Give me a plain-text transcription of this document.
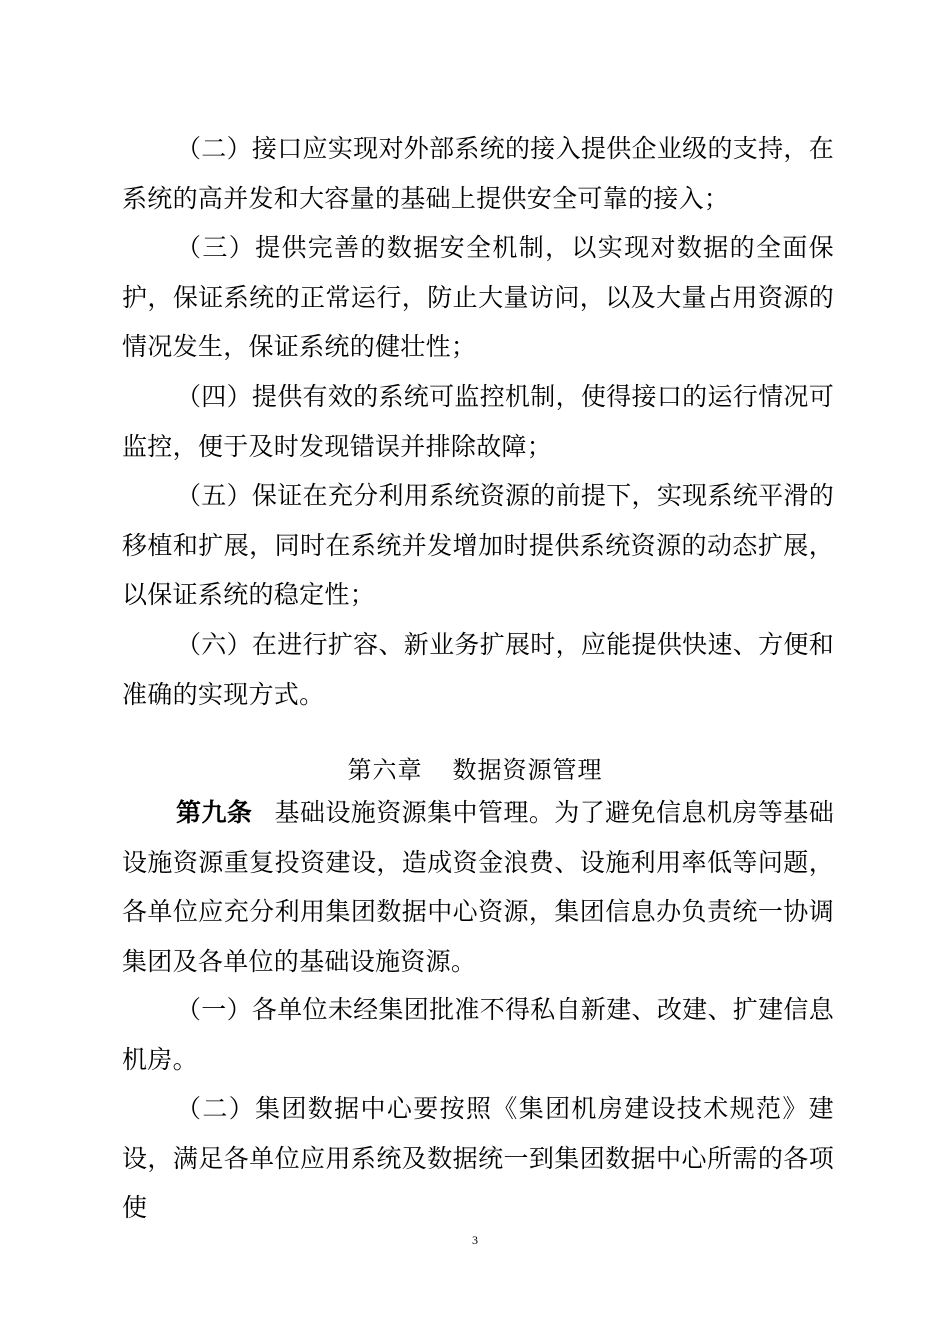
（二）接口应实现对外部系统的接入提供企业级的支持，在系统的高并发和大容量的基础上提供安全可靠的接入；

（三）提供完善的数据安全机制，以实现对数据的全面保护，保证系统的正常运行，防止大量访问，以及大量占用资源的情况发生，保证系统的健壮性；

（四）提供有效的系统可监控机制，使得接口的运行情况可监控，便于及时发现错误并排除故障；

（五）保证在充分利用系统资源的前提下，实现系统平滑的移植和扩展，同时在系统并发增加时提供系统资源的动态扩展，以保证系统的稳定性；

（六）在进行扩容、新业务扩展时，应能提供快速、方便和准确的实现方式。

第六章 数据资源管理

第九条 基础设施资源集中管理。为了避免信息机房等基础设施资源重复投资建设，造成资金浪费、设施利用率低等问题，各单位应充分利用集团数据中心资源，集团信息办负责统一协调集团及各单位的基础设施资源。

（一）各单位未经集团批准不得私自新建、改建、扩建信息机房。

（二）集团数据中心要按照《集团机房建设技术规范》建设，满足各单位应用系统及数据统一到集团数据中心所需的各项使

3
